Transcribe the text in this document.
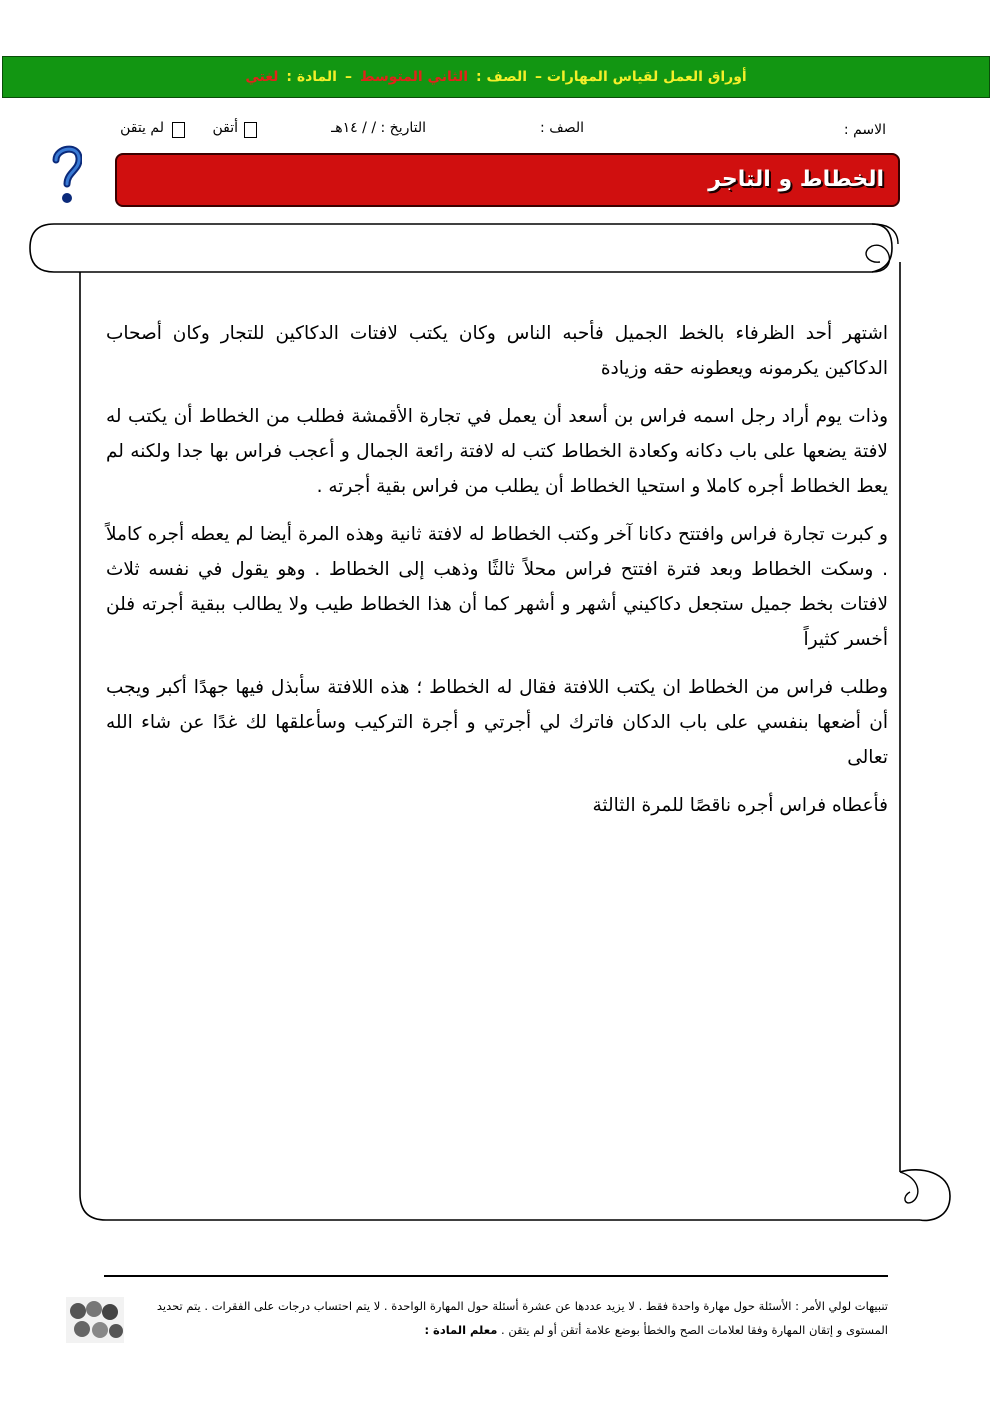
أوراق العمل لقياس المهارات –
الصف :
الثاني المتوسط
–
المادة :
لغتي
الاسم :
الصف :
التاريخ : / / ١٤هـ
أتقن
لم يتقن
الخطاط و التاجر

اشتهر أحد الظرفاء بالخط الجميل فأحبه الناس وكان يكتب لافتات الدكاكين للتجار وكان أصحاب الدكاكين يكرمونه ويعطونه حقه وزيادة

وذات يوم أراد رجل اسمه فراس بن أسعد أن يعمل في تجارة الأقمشة فطلب من الخطاط أن يكتب له لافتة يضعها على باب دكانه وكعادة الخطاط كتب له لافتة رائعة الجمال و أعجب فراس بها جدا ولكنه لم يعط الخطاط أجره كاملا و استحيا الخطاط أن يطلب من فراس بقية أجرته .

و كبرت تجارة فراس وافتتح دكانا آخر وكتب الخطاط له لافتة ثانية وهذه المرة أيضا لم يعطه أجره كاملاً . وسكت الخطاط وبعد فترة افتتح فراس محلاً ثالثًا وذهب إلى الخطاط . وهو يقول في نفسه ثلاث لافتات بخط جميل ستجعل دكاكيني أشهر و أشهر كما أن هذا الخطاط طيب ولا يطالب ببقية أجرته فلن أخسر كثيراً

وطلب فراس من الخطاط ان يكتب اللافتة فقال له الخطاط ؛ هذه اللافتة سأبذل فيها جهدًا أكبر ويجب أن أضعها بنفسي على باب الدكان فاترك لي أجرتي و أجرة التركيب وسأعلقها لك غدًا عن شاء الله تعالى

فأعطاه فراس أجره ناقصًا للمرة الثالثة

تنبيهات لولي الأمر : الأسئلة حول مهارة واحدة فقط . لا يزيد عددها عن عشرة أسئلة حول المهارة الواحدة . لا يتم احتساب درجات على الفقرات . يتم تحديد المستوى و إتقان المهارة وفقا لعلامات الصح والخطأ بوضع علامة أتقن أو لم يتقن . معلم المادة :
